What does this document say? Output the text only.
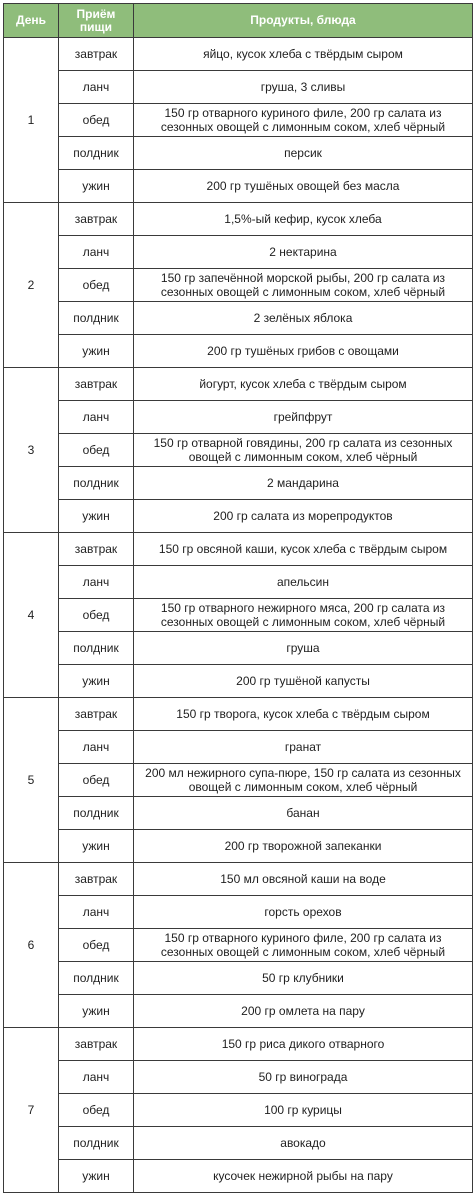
День	Приём пищи	Продукты, блюда
1	завтрак	яйцо, кусок хлеба с твёрдым сыром
	ланч	груша, 3 сливы
	обед	150 гр отварного куриного филе, 200 гр салата из сезонных овощей с лимонным соком, хлеб чёрный
	полдник	персик
	ужин	200 гр тушёных овощей без масла
2	завтрак	1,5%-ый кефир, кусок хлеба
	ланч	2 нектарина
	обед	150 гр запечённой морской рыбы, 200 гр салата из сезонных овощей с лимонным соком, хлеб чёрный
	полдник	2 зелёных яблока
	ужин	200 гр тушёных грибов с овощами
3	завтрак	йогурт, кусок хлеба с твёрдым сыром
	ланч	грейпфрут
	обед	150 гр отварной говядины, 200 гр салата из сезонных овощей с лимонным соком, хлеб чёрный
	полдник	2 мандарина
	ужин	200 гр салата из морепродуктов
4	завтрак	150 гр овсяной каши, кусок хлеба с твёрдым сыром
	ланч	апельсин
	обед	150 гр отварного нежирного мяса, 200 гр салата из сезонных овощей с лимонным соком, хлеб чёрный
	полдник	груша
	ужин	200 гр тушёной капусты
5	завтрак	150 гр творога, кусок хлеба с твёрдым сыром
	ланч	гранат
	обед	200 мл нежирного супа-пюре, 150 гр салата из сезонных овощей с лимонным соком, хлеб чёрный
	полдник	банан
	ужин	200 гр творожной запеканки
6	завтрак	150 мл овсяной каши на воде
	ланч	горсть орехов
	обед	150 гр отварного куриного филе, 200 гр салата из сезонных овощей с лимонным соком, хлеб чёрный
	полдник	50 гр клубники
	ужин	200 гр омлета на пару
7	завтрак	150 гр риса дикого отварного
	ланч	50 гр винограда
	обед	100 гр курицы
	полдник	авокадо
	ужин	кусочек нежирной рыбы на пару
